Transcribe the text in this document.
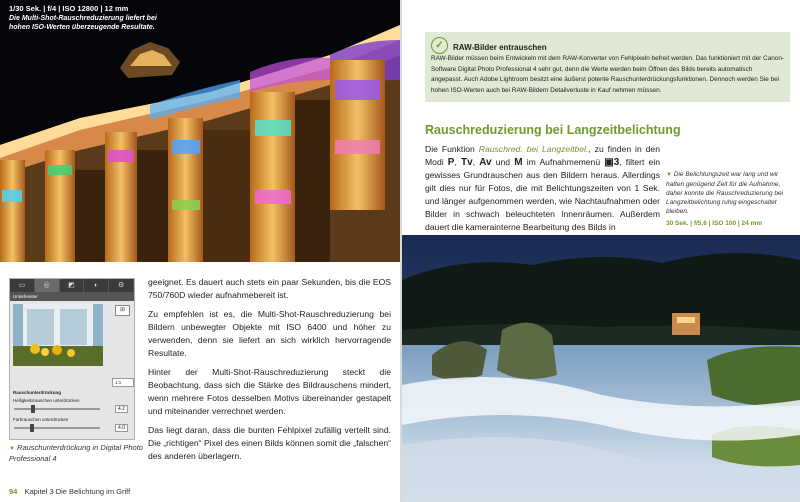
1/30 Sek. | f/4 | ISO 12800 | 12 mm
Die Multi-Shot-Rauschreduzierung liefert bei hohen ISO-Werten überzeugende Resultate.
▭	◎	◩	◐	⚙
Unterfenster
⊞
1:1
Rauschunterdrückung
Helligkeitsrauschen unterdrücken
4.2
Farbrauschen unterdrücken
4.0
▼ Rauschunterdrückung in Digital Photo Professional 4

geeignet. Es dauert auch stets ein paar Sekunden, bis die EOS 750/760D wieder aufnahmebereit ist.

Zu empfehlen ist es, die Multi-Shot-Rauschreduzierung bei Bildern unbewegter Objekte mit ISO 6400 und höher zu verwenden, denn sie liefert an sich wirklich hervorragende Resultate.

Hinter der Multi-Shot-Rauschreduzierung steckt die Beobachtung, dass sich die Stärke des Bildrauschens mindert, wenn mehrere Fotos desselben Motivs übereinander gestapelt und miteinander verrechnet werden.

Das liegt daran, dass die bunten Fehlpixel zufällig verteilt sind. Die „richtigen“ Pixel des einen Bilds können somit die „falschen“ des anderen überlagern.

94 Kapitel 3 Die Belichtung im Griff
✓	RAW-Bilder entrauschen
RAW-Bilder müssen beim Entwickeln mit dem RAW-Konverter von Fehlpixeln befreit werden. Das funktioniert mit der Canon-Software Digital Photo Professional 4 sehr gut, denn die Werte werden beim Öffnen des Bilds bereits automatisch angepasst. Auch Adobe Lightroom besitzt eine äußerst potente Rauschunterdrückungsfunktionen. Dennoch werden Sie bei hohen ISO-Werten auch bei RAW-Bildern Detailverluste in Kauf nehmen müssen.
Rauschreduzierung bei Langzeitbelichtung
Die Funktion Rauschred. bei Langzeitbel., zu finden in den Modi P, Tv, Av und M im Aufnahmemenü ▣3, filtert ein gewisses Grundrauschen aus den Bildern heraus. Allerdings gilt dies nur für Fotos, die mit Belichtungszeiten von 1 Sek. und länger aufgenommen werden, wie Nachtaufnahmen oder Bilder in schwach beleuchteten Innenräumen. Außerdem dauert die kamerainterne Bearbeitung des Bilds in
▼ Die Belichtungszeit war lang und wir hatten genügend Zeit für die Aufnahme, daher konnte die Rauschreduzierung bei Langzeitbelichtung ruhig eingeschaltet bleiben.
30 Sek. | f/5,6 | ISO 100 | 24 mm
